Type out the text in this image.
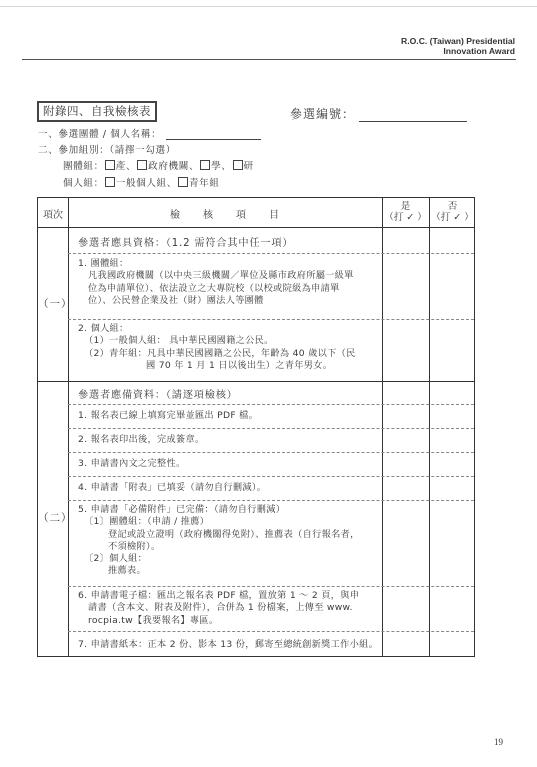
R.O.C. (Taiwan) Presidential
Innovation Award
附錄四、自我檢核表	參選編號：
一、參選團體 / 個人名稱：
二、參加組別：（請擇一勾選）
團體組： 產、 政府機關、 學、 研
個人組： 一般個人組、 青年組
項次	檢　　核　　項　　目
是
（打 ✓ ）
否
（打 ✓ ）
（一）
參選者應具資格：（1.2 需符合其中任一項）
1. 團體組：
凡我國政府機關（以中央三級機關／單位及縣市政府所屬一級單
位為申請單位）、依法設立之大專院校（以校或院級為申請單
位）、公民營企業及社（財）團法人等團體
2. 個人組：
（1）一般個人組： 具中華民國國籍之公民。
（2）青年組：凡具中華民國國籍之公民，年齡為 40 歲以下（民
國 70 年 1 月 1 日以後出生）之青年男女。
（二）
參選者應備資料：（請逐項檢核）
1. 報名表已線上填寫完畢並匯出 PDF 檔。
2. 報名表印出後，完成簽章。
3. 申請書內文之完整性。
4. 申請書「附表」已填妥（請勿自行刪減）。
5. 申請書「必備附件」已完備：（請勿自行刪減）
〔1〕團體組：（申請 / 推薦）
登記或設立證明（政府機關得免附）、推薦表（自行報名者，
不須檢附）。
〔2〕個人組：
推薦表。
6. 申請書電子檔：匯出之報名表 PDF 檔，置放第 1 ～ 2 頁，與申
請書（含本文、附表及附件），合併為 1 份檔案，上傳至 www.
rocpia.tw【我要報名】專區。
7. 申請書紙本：正本 2 份、影本 13 份，郵寄至總統創新獎工作小組。
19
